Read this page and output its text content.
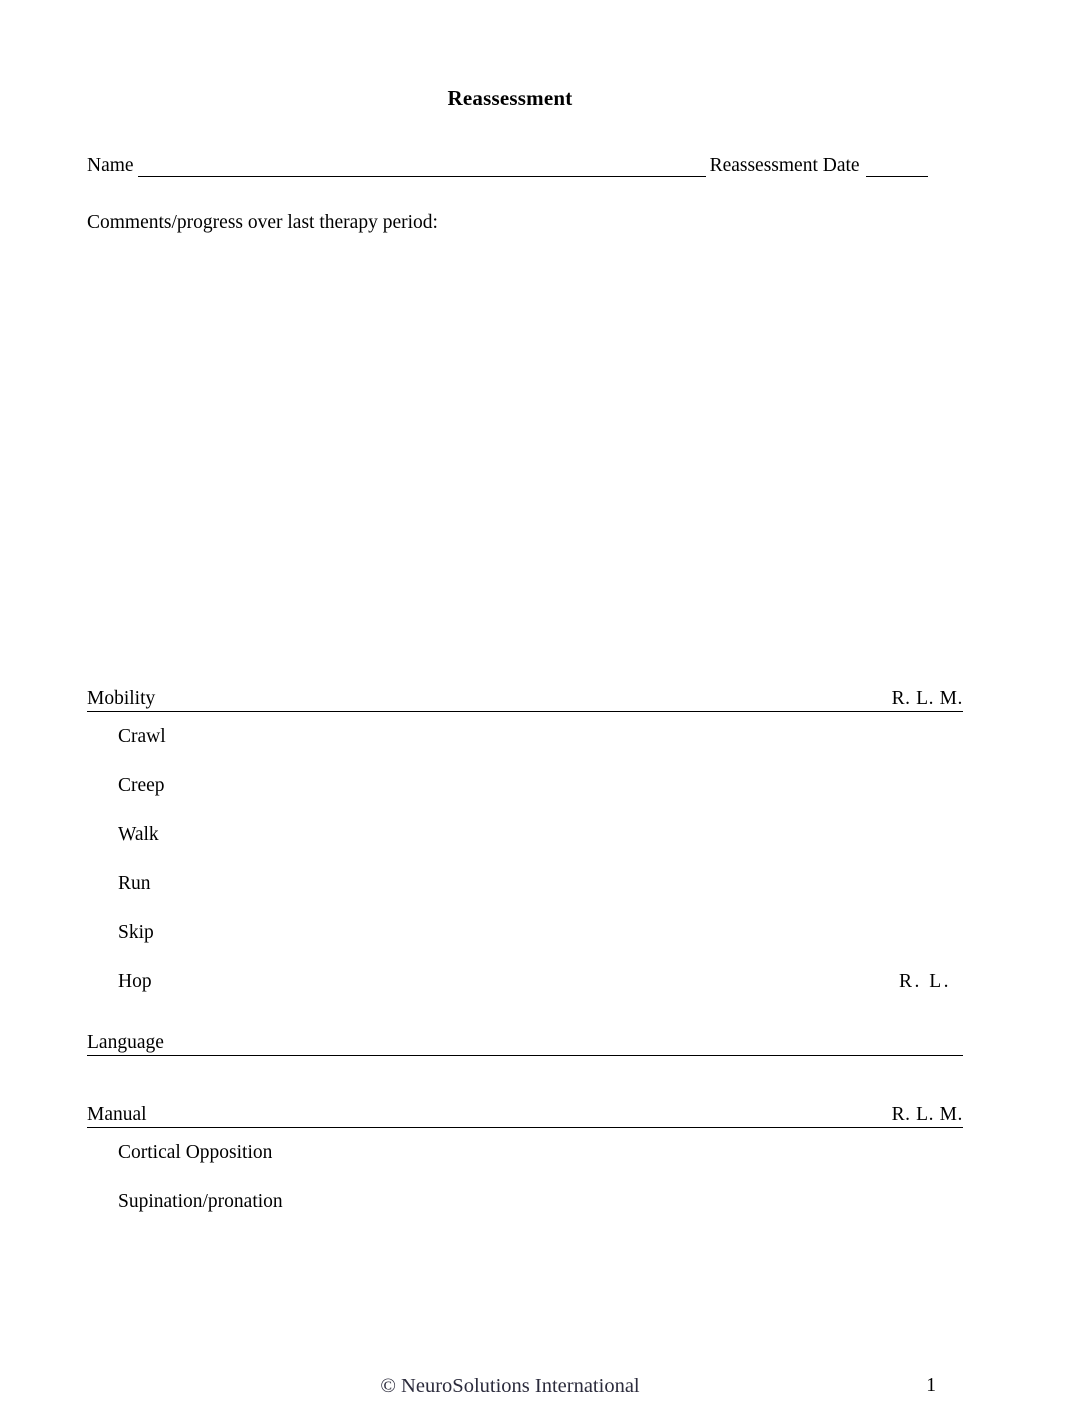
Reassessment
Name	Reassessment Date
Comments/progress over last therapy period:
Mobility	R. L. M.
Crawl
Creep
Walk
Run
Skip
Hop	R. L.
Language
Manual	R. L. M.
Cortical Opposition
Supination/pronation
© NeuroSolutions International	1
